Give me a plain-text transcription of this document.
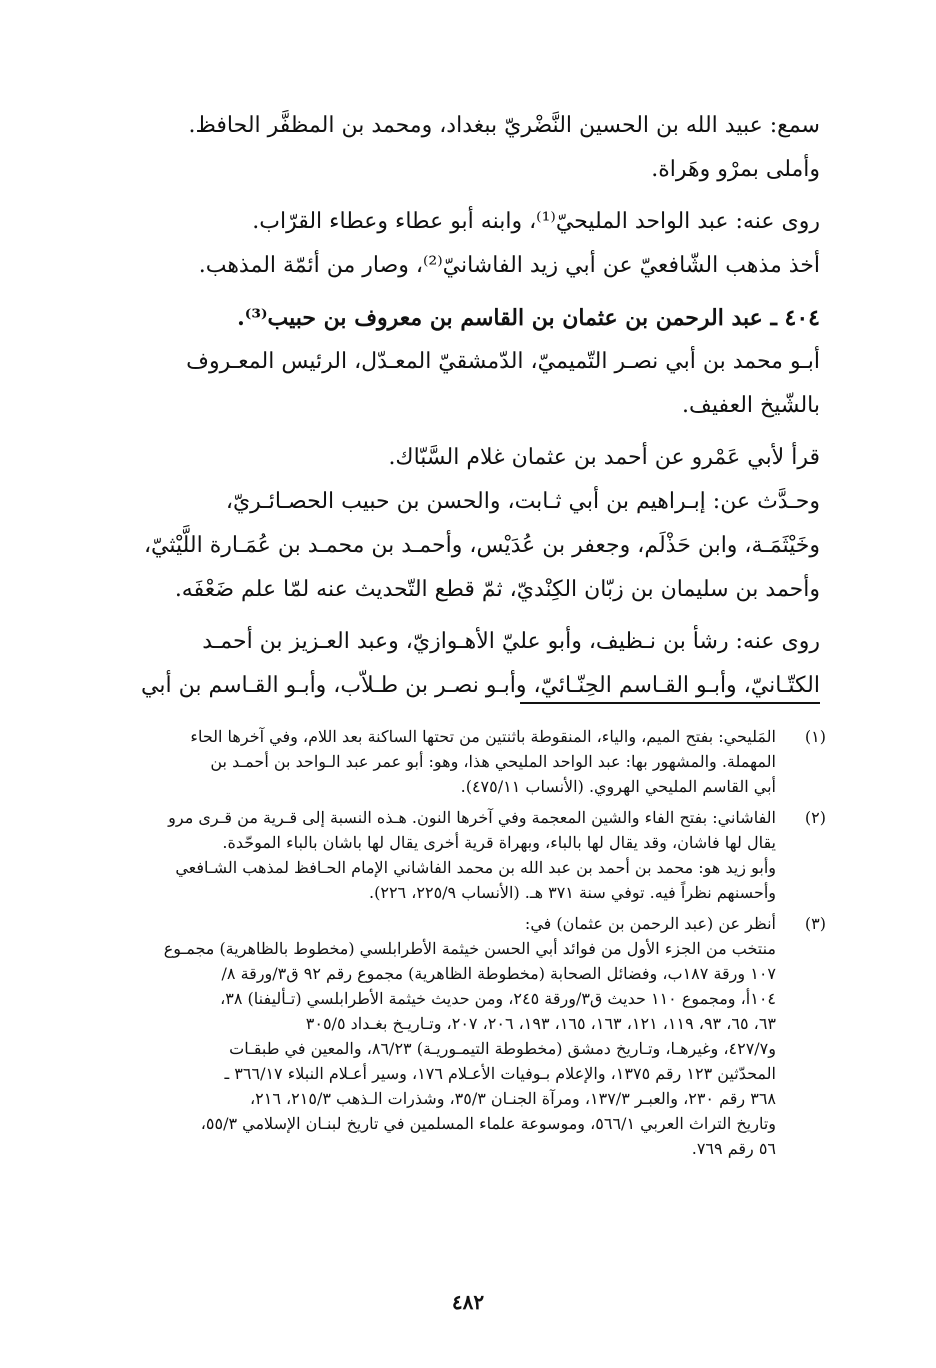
سمع: عبيد الله بن الحسين النَّضْريّ ببغداد، ومحمد بن المظفَّر الحافظ.
وأملى بمرْو وهَراة.
روى عنه: عبد الواحد المليحيّ⁽¹⁾، وابنه أبو عطاء وعطاء القرّاب.
أخذ مذهب الشّافعيّ عن أبي زيد الفاشانيّ⁽²⁾، وصار من أئمّة المذهب.
٤٠٤ ـ عبد الرحمن بن عثمان بن القاسم بن معروف بن حبيب⁽³⁾.
أبـو محمد بن أبي نصـر التّميميّ، الدّمشقيّ المعـدّل، الرئيس المعـروف
بالشّيخ العفيف.
قرأ لأبي عَمْرو عن أحمد بن عثمان غلام السَّبّاك.
وحـدَّث عن: إبـراهيم بن أبي ثـابت، والحسن بن حبيب الحصـائـريّ،
وخَيْثَمَـة، وابن حَذْلَم، وجعفر بن عُدَيْس، وأحمـد بن محمـد بن عُمَـارة اللَّيْثيّ،
وأحمد بن سليمان بن زبّان الكِنْديّ، ثمّ قطع التّحديث عنه لمّا علم ضَعْفَه.
روى عنه: رشأ بن نـظيف، وأبو عليّ الأهـوازيّ، وعبد العـزيز بن أحمـد
الكتّـانيّ، وأبـو القـاسم الحِنّـائيّ، وأبـو نصـر بن طـلاّب، وأبـو القـاسم بن أبي
(١)
المَليحي: بفتح الميم، والياء، المنقوطة باثنتين من تحتها الساكنة بعد اللام، وفي آخرها الحاء
المهملة. والمشهور بها: عبد الواحد المليحي هذا، وهو: أبو عمر عبد الـواحد بن أحمـد بن
أبي القاسم المليحي الهروي. (الأنساب ٤٧٥/١١).
(٢)
الفاشاني: بفتح الفاء والشين المعجمة وفي آخرها النون. هـذه النسبة إلى قـرية من قـرى مرو
يقال لها فاشان، وقد يقال لها بالباء، وبهراة قرية أخرى يقال لها باشان بالباء الموحّدة.
وأبو زيد هو: محمد بن أحمد بن عبد الله بن محمد الفاشاني الإمام الحـافظ لمذهب الشـافعي
وأحسنهم نظراً فيه. توفي سنة ٣٧١ هـ. (الأنساب ٢٢٥/٩، ٢٢٦).
(٣)
أنظر عن (عبد الرحمن بن عثمان) في:
منتخب من الجزء الأول من فوائد أبي الحسن خيثمة الأطرابلسي (مخطوط بالظاهرية) مجمـوع
١٠٧ ورقة ١٨٧ب، وفضائل الصحابة (مخطوطة الظاهرية) مجموع رقم ٩٢ ق٣/ورقة ٨/
١٠٤أ، ومجموع ١١٠ حديث ق٣/ورقة ٢٤٥، ومن حديث خيثمة الأطرابلسي (تـأليفنا) ٣٨،
٦٣، ٦٥، ٩٣، ١١٩، ١٢١، ١٦٣، ١٦٥، ١٩٣، ٢٠٦، ٢٠٧، وتـاريـخ بغـداد ٣٠٥/٥
و٤٢٧/٧، وغيرهـا، وتـاريخ دمشق (مخطوطة التيمـوريـة) ٨٦/٢٣، والمعين في طبقـات
المحدّثين ١٢٣ رقم ١٣٧٥، والإعلام بـوفيات الأعـلام ١٧٦، وسير أعـلام النبلاء ٣٦٦/١٧ ـ
٣٦٨ رقم ٢٣٠، والعبـر ١٣٧/٣، ومرآة الجنـان ٣٥/٣، وشذرات الـذهب ٢١٥/٣، ٢١٦،
وتاريخ التراث العربي ٥٦٦/١، وموسوعة علماء المسلمين في تاريخ لبنـان الإسلامي ٥٥/٣،
٥٦ رقم ٧٦٩.
٤٨٢
